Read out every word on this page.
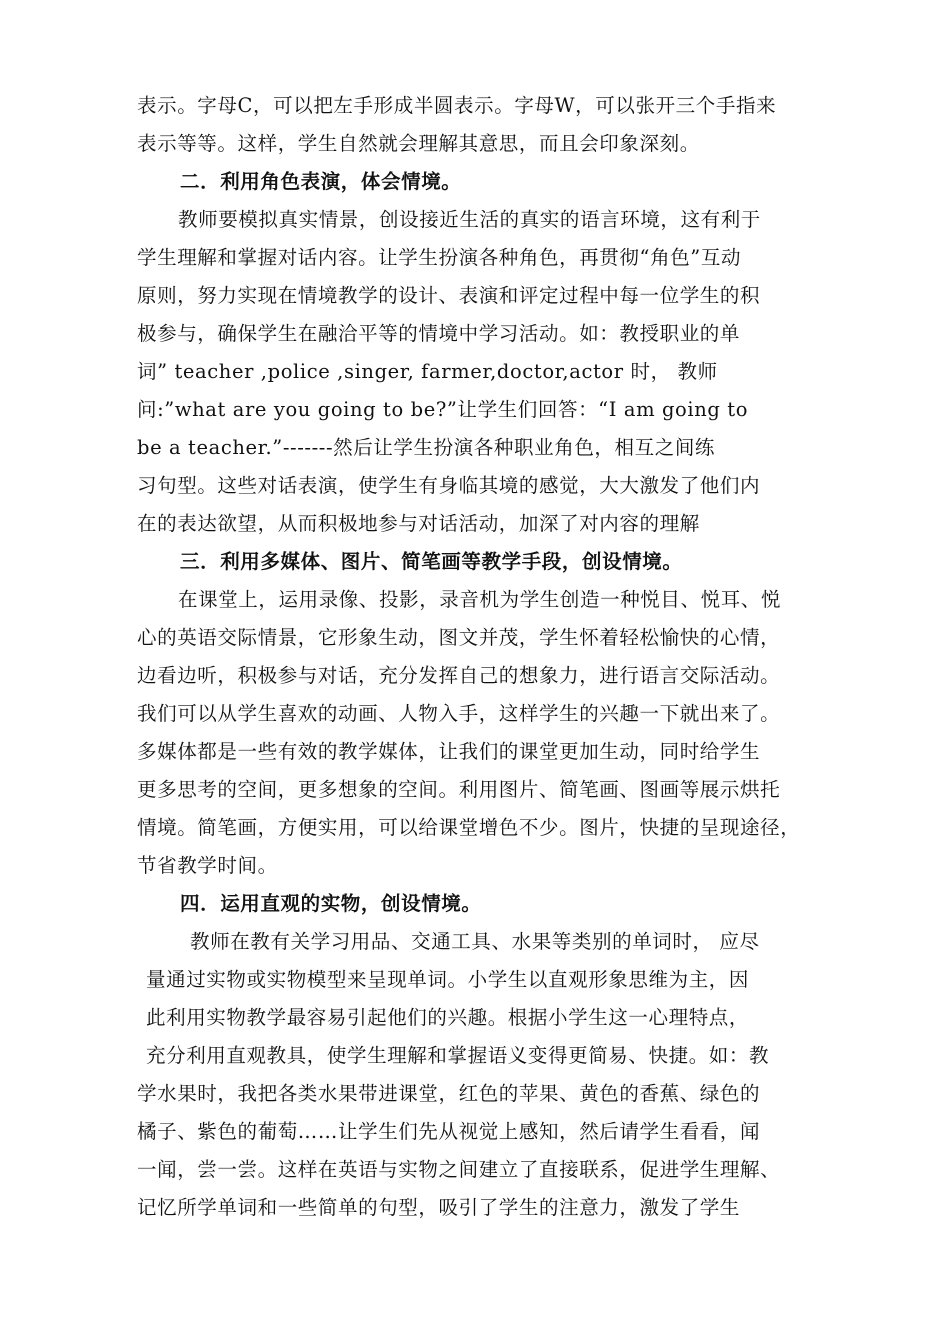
表示。字母C，可以把左手形成半圆表示。字母W，可以张开三个手指来
表示等等。这样，学生自然就会理解其意思，而且会印象深刻。
二．利用角色表演，体会情境。
教师要模拟真实情景，创设接近生活的真实的语言环境，这有利于
学生理解和掌握对话内容。让学生扮演各种角色，再贯彻“角色”互动
原则，努力实现在情境教学的设计、表演和评定过程中每一位学生的积
极参与，确保学生在融洽平等的情境中学习活动。如：教授职业的单
词” teacher ,police ,singer, farmer,doctor,actor 时， 教师
问:”what are you going to be?”让学生们回答：“I am going to
be a teacher.”-------然后让学生扮演各种职业角色，相互之间练
习句型。这些对话表演，使学生有身临其境的感觉，大大激发了他们内
在的表达欲望，从而积极地参与对话活动，加深了对内容的理解
三．利用多媒体、图片、简笔画等教学手段，创设情境。
在课堂上，运用录像、投影，录音机为学生创造一种悦目、悦耳、悦
心的英语交际情景，它形象生动，图文并茂，学生怀着轻松愉快的心情，
边看边听，积极参与对话，充分发挥自己的想象力，进行语言交际活动。
我们可以从学生喜欢的动画、人物入手，这样学生的兴趣一下就出来了。
多媒体都是一些有效的教学媒体，让我们的课堂更加生动，同时给学生
更多思考的空间，更多想象的空间。利用图片、简笔画、图画等展示烘托
情境。简笔画，方便实用，可以给课堂增色不少。图片，快捷的呈现途径，
节省教学时间。
四．运用直观的实物，创设情境。
教师在教有关学习用品、交通工具、水果等类别的单词时， 应尽
量通过实物或实物模型来呈现单词。小学生以直观形象思维为主，因
此利用实物教学最容易引起他们的兴趣。根据小学生这一心理特点，
充分利用直观教具，使学生理解和掌握语义变得更简易、快捷。如：教
学水果时，我把各类水果带进课堂，红色的苹果、黄色的香蕉、绿色的
橘子、紫色的葡萄……让学生们先从视觉上感知，然后请学生看看，闻
一闻，尝一尝。这样在英语与实物之间建立了直接联系，促进学生理解、
记忆所学单词和一些简单的句型，吸引了学生的注意力，激发了学生
